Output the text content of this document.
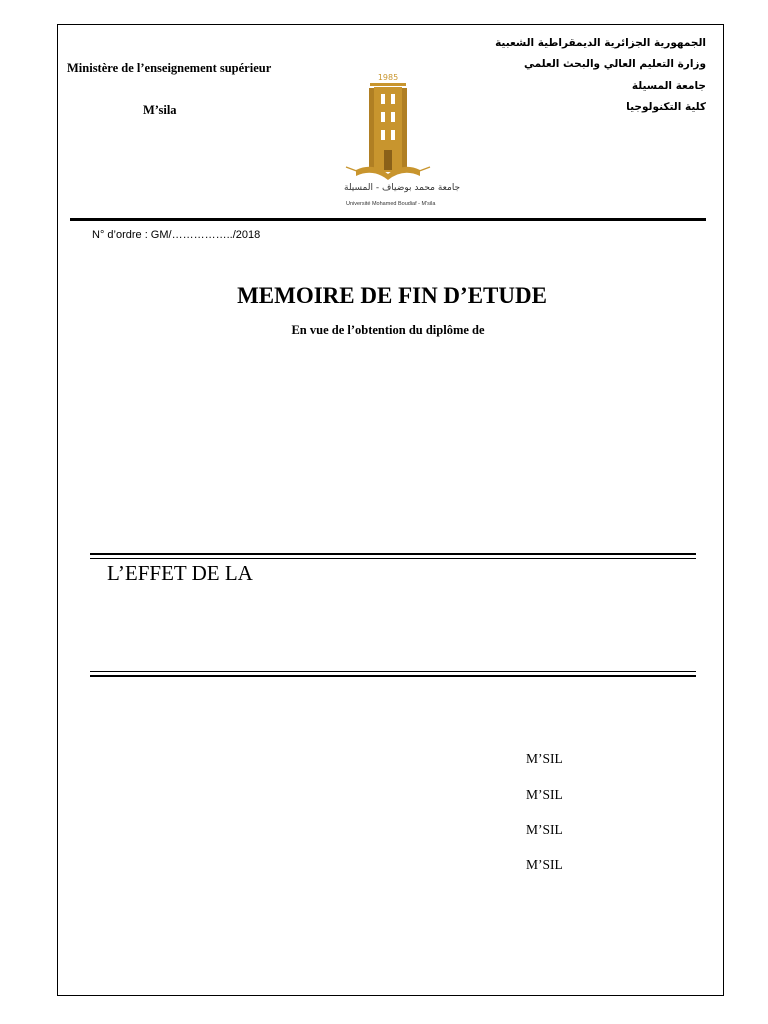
Ministère de l’enseignement supérieur
M’sila
الجمهورية الجزائرية الديمقراطية الشعبية
وزارة التعليم العالي والبحث العلمي
جامعة المسيلة
كلية التكنولوجيا
1985
جامعة محمد بوضياف - المسيلة
Université Mohamed Boudiaf - M'sila
N° d’ordre : GM/……………../2018
MEMOIRE DE FIN D’ETUDE
En vue de l’obtention du diplôme de
L’EFFET DE LA
M’SIL
M’SIL
M’SIL
M’SIL
